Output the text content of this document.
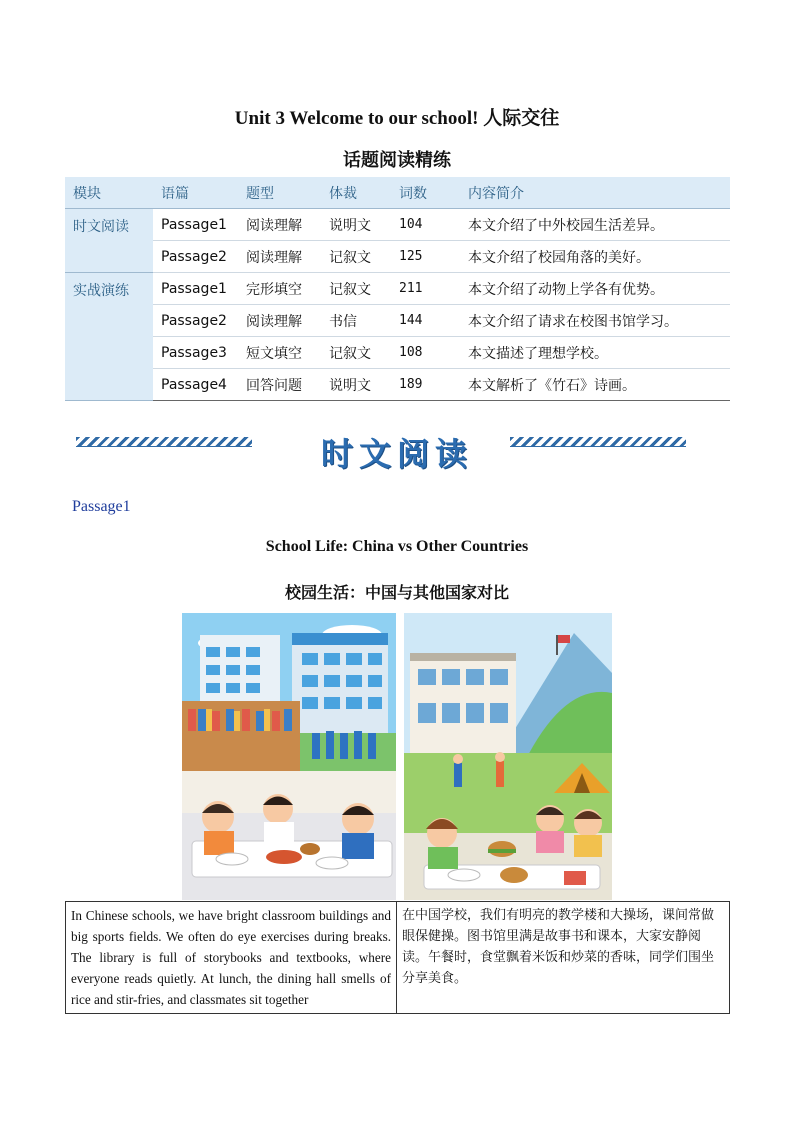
Unit 3 Welcome to our school! 人际交往
话题阅读精练
模块	语篇	题型	体裁	词数	内容简介
时文阅读	Passage1	阅读理解	说明文	104	本文介绍了中外校园生活差异。
	Passage2	阅读理解	记叙文	125	本文介绍了校园角落的美好。
实战演练	Passage1	完形填空	记叙文	211	本文介绍了动物上学各有优势。
	Passage2	阅读理解	书信	144	本文介绍了请求在校图书馆学习。
	Passage3	短文填空	记叙文	108	本文描述了理想学校。
	Passage4	回答问题	说明文	189	本文解析了《竹石》诗画。
时文阅读
Passage1
School Life: China vs Other Countries
校园生活：中国与其他国家对比
In Chinese schools, we have bright classroom buildings and big sports fields. We often do eye exercises during breaks. The library is full of storybooks and textbooks, where everyone reads quietly. At lunch, the dining hall smells of rice and stir-fries, and classmates sit together	在中国学校，我们有明亮的教学楼和大操场，课间常做眼保健操。图书馆里满是故事书和课本，大家安静阅读。午餐时，食堂飘着米饭和炒菜的香味，同学们围坐分享美食。
